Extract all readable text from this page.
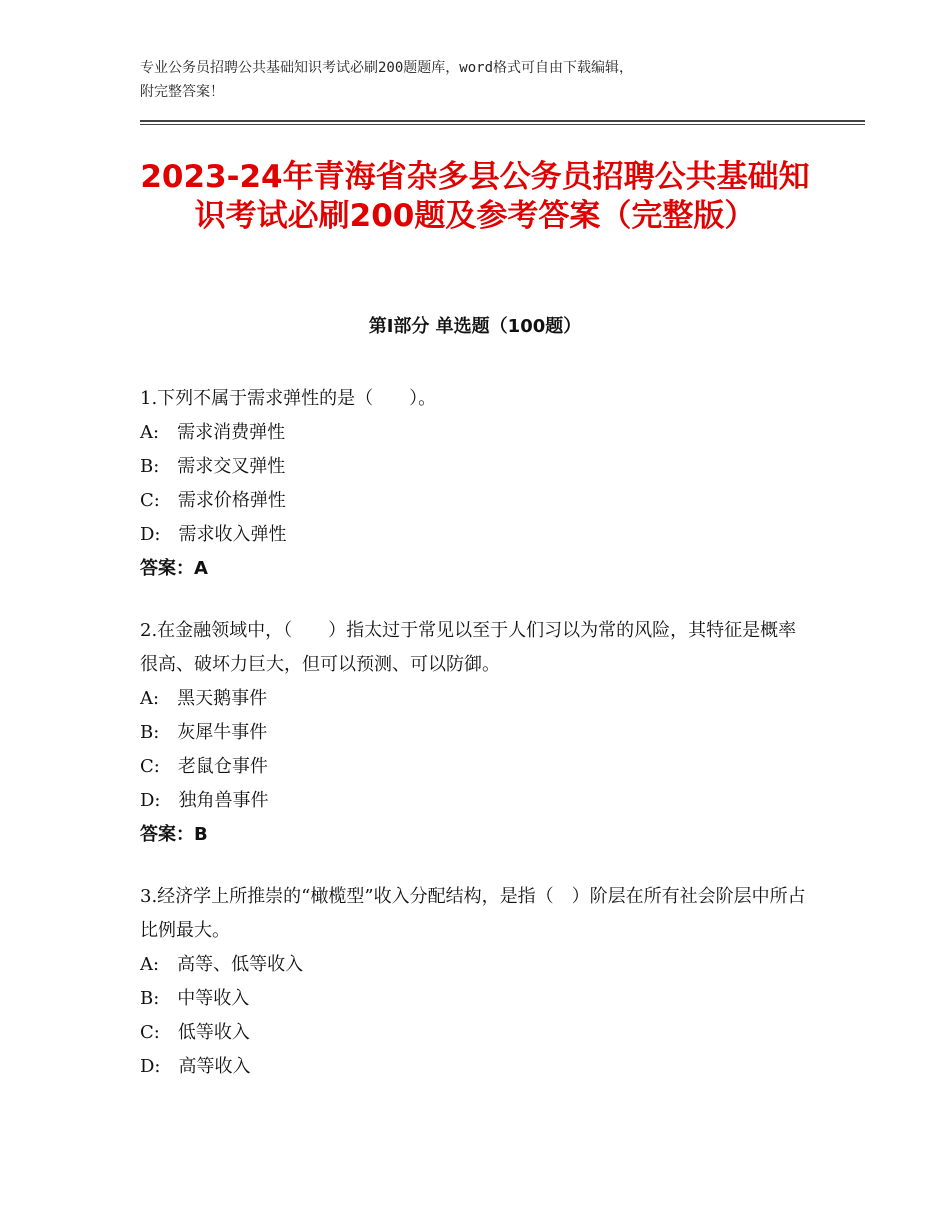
专业公务员招聘公共基础知识考试必刷200题题库，word格式可自由下载编辑，
附完整答案！
2023-24年青海省杂多县公务员招聘公共基础知识考试必刷200题及参考答案（完整版）
第Ⅰ部分 单选题（100题）
1.下列不属于需求弹性的是（　　）。
A:　需求消费弹性
B:　需求交叉弹性
C:　需求价格弹性
D:　需求收入弹性
答案：A
2.在金融领域中，（　　）指太过于常见以至于人们习以为常的风险，其特征是概率很高、破坏力巨大，但可以预测、可以防御。
A:　黑天鹅事件
B:　灰犀牛事件
C:　老鼠仓事件
D:　独角兽事件
答案：B
3.经济学上所推崇的“橄榄型”收入分配结构，是指（　）阶层在所有社会阶层中所占比例最大。
A:　高等、低等收入
B:　中等收入
C:　低等收入
D:　高等收入
